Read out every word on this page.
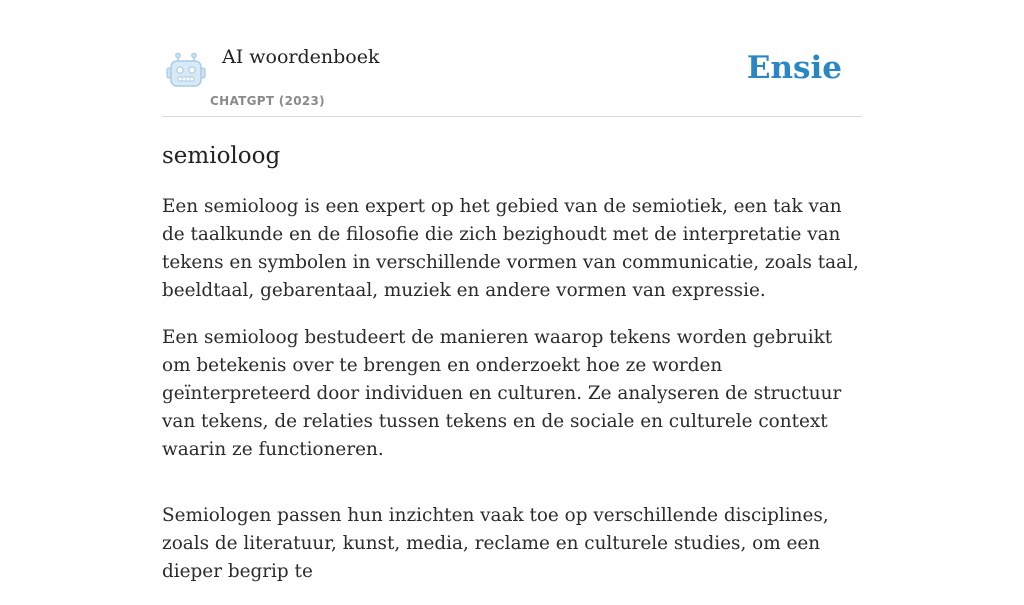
AI woordenboek
CHATGPT (2023)
Ensie
semioloog

Een semioloog is een expert op het gebied van de semiotiek, een tak van de taalkunde en de filosofie die zich bezighoudt met de interpretatie van tekens en symbolen in verschillende vormen van communicatie, zoals taal, beeldtaal, gebarentaal, muziek en andere vormen van expressie.

Een semioloog bestudeert de manieren waarop tekens worden gebruikt om betekenis over te brengen en onderzoekt hoe ze worden geïnterpreteerd door individuen en culturen. Ze analyseren de structuur van tekens, de relaties tussen tekens en de sociale en culturele context waarin ze functioneren.

Semiologen passen hun inzichten vaak toe op verschillende disciplines, zoals de literatuur, kunst, media, reclame en culturele studies, om een dieper begrip te
